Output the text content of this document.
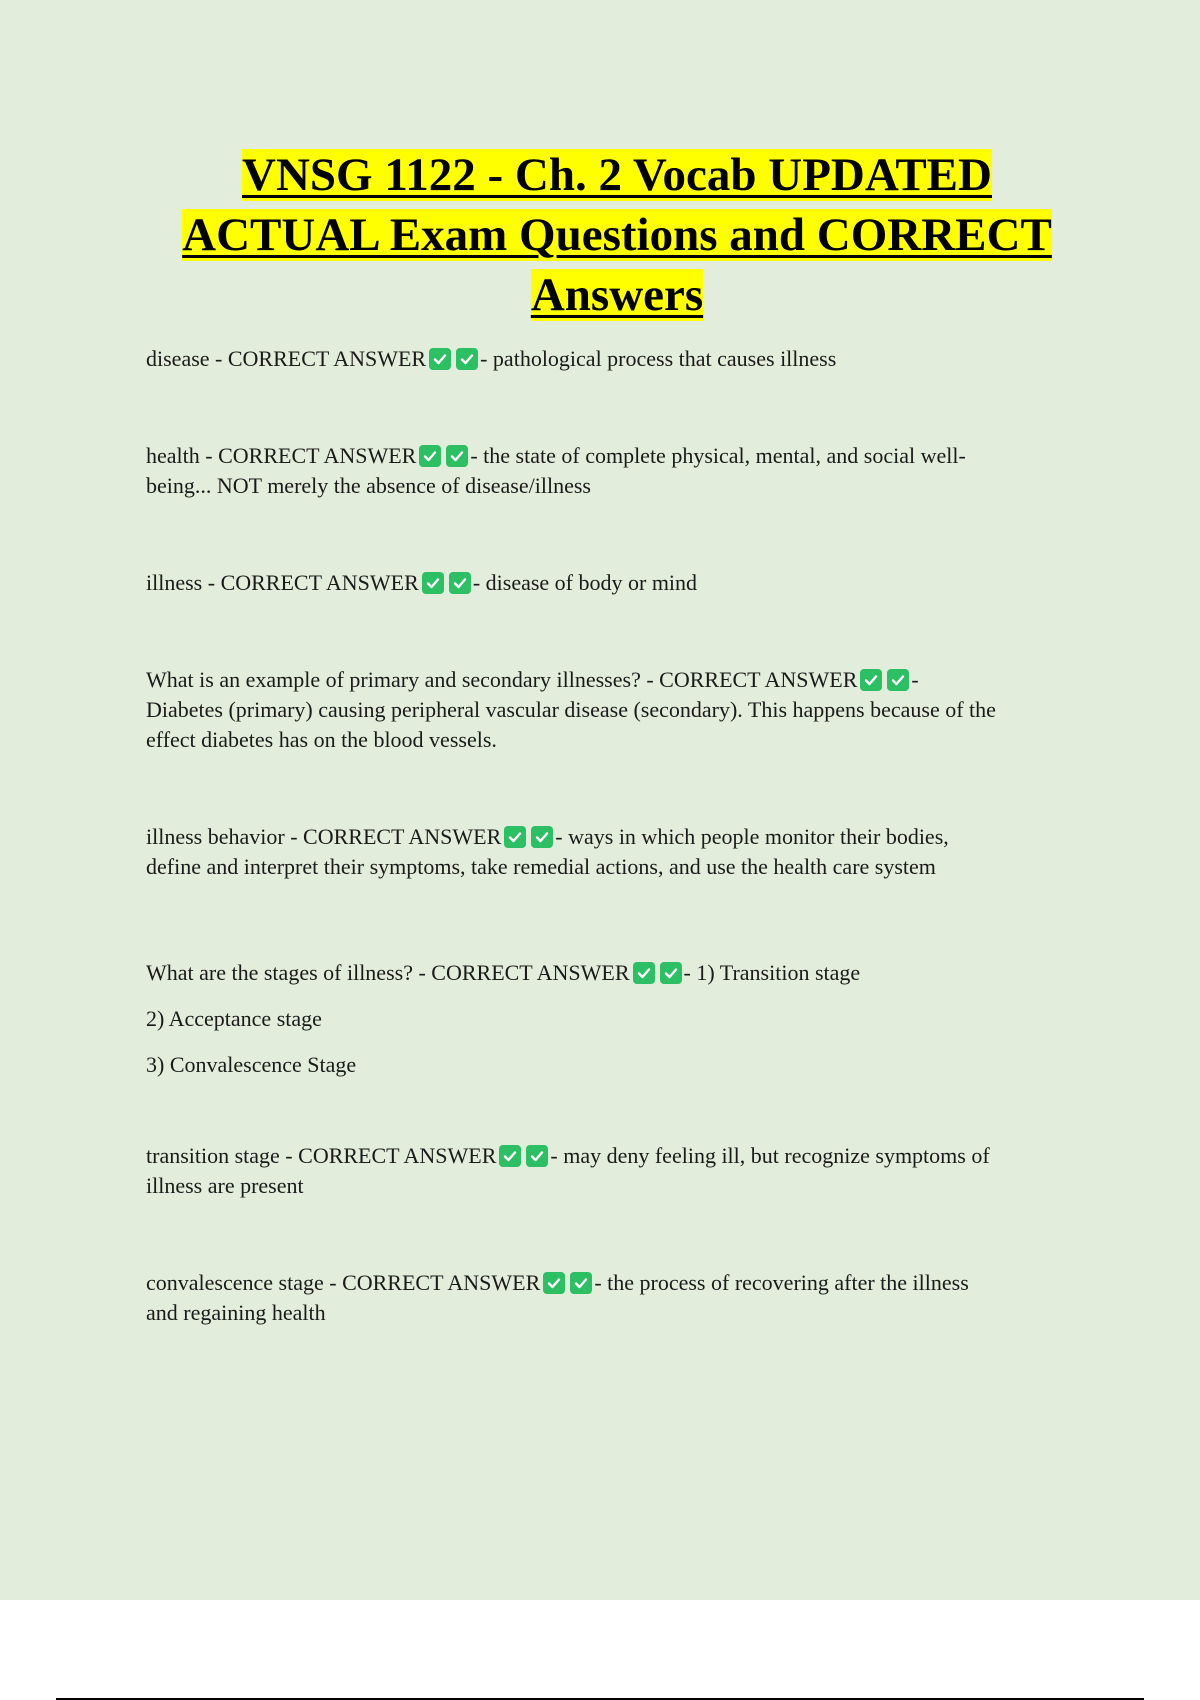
VNSG 1122 - Ch. 2 Vocab UPDATED
ACTUAL Exam Questions and CORRECT
Answers

disease - CORRECT ANSWER - pathological process that causes illness

health - CORRECT ANSWER - the state of complete physical, mental, and social well-
being... NOT merely the absence of disease/illness

illness - CORRECT ANSWER - disease of body or mind

What is an example of primary and secondary illnesses? - CORRECT ANSWER -
Diabetes (primary) causing peripheral vascular disease (secondary). This happens because of the
effect diabetes has on the blood vessels.

illness behavior - CORRECT ANSWER - ways in which people monitor their bodies,
define and interpret their symptoms, take remedial actions, and use the health care system

What are the stages of illness? - CORRECT ANSWER - 1) Transition stage
2) Acceptance stage
3) Convalescence Stage

transition stage - CORRECT ANSWER - may deny feeling ill, but recognize symptoms of
illness are present

convalescence stage - CORRECT ANSWER - the process of recovering after the illness
and regaining health
